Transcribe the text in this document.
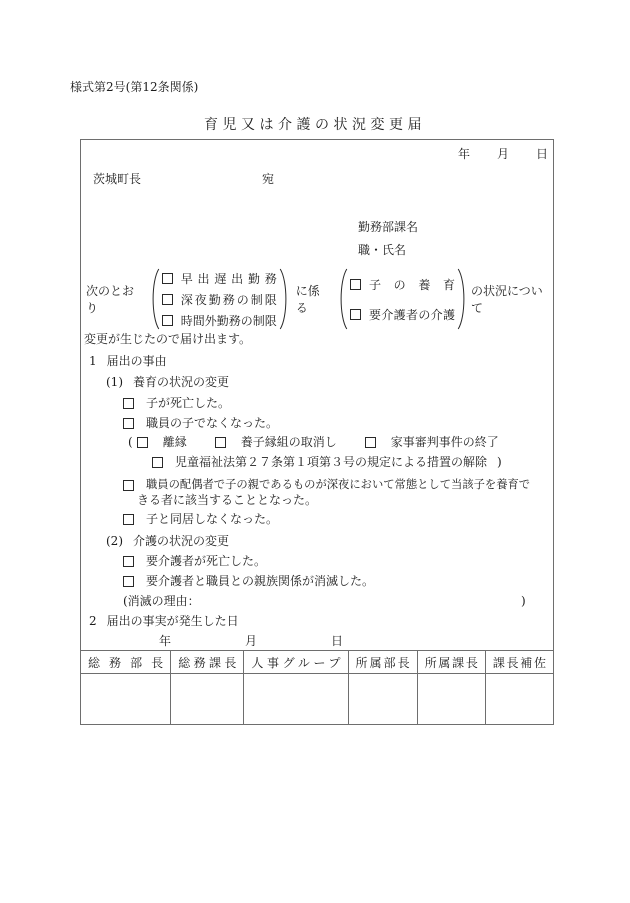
様式第2号(第12条関係)
育児又は介護の状況変更届
年 月 日
茨城町長	宛
勤務部課名
職・氏名
次のとおり
早出遅出勤務
深夜勤務の制限
時間外勤務の制限
に係る
子の養育
要介護者の介護
の状況について
変更が生じたので届け出ます。
1 届出の事由
(1) 養育の状況の変更
子が死亡した。
職員の子でなくなった。
(	離縁	養子縁組の取消し	家事審判事件の終了
児童福祉法第２７条第１項第３号の規定による措置の解除 )
職員の配偶者で子の親であるものが深夜において常態として当該子を養育で
きる者に該当することとなった。
子と同居しなくなった。
(2) 介護の状況の変更
要介護者が死亡した。
要介護者と職員との親族関係が消滅した。
(消滅の理由：	)
2 届出の事実が発生した日
年	月	日
総務部長	総務課長	人事グループ	所属部長	所属課長	課長補佐
